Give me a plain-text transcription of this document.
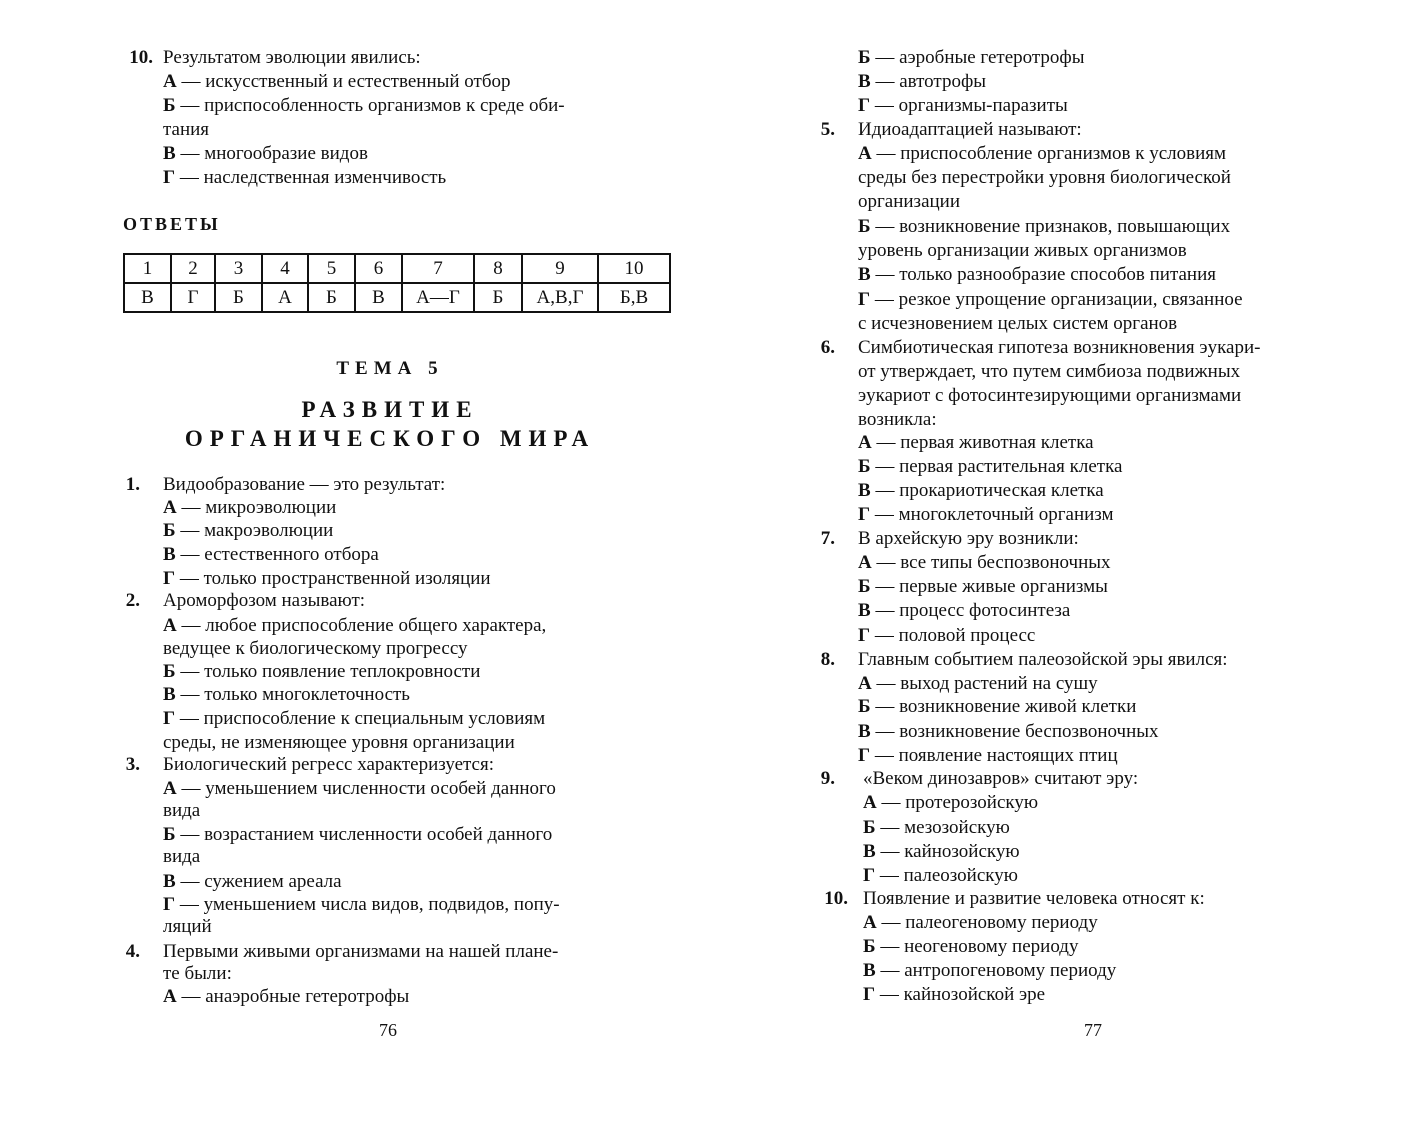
10. Результатом эволюции явились:
А — искусственный и естественный отбор
Б — приспособленность организмов к среде оби-
тания
В — многообразие видов
Г — наследственная изменчивость
ОТВЕТЫ
1	2	3	4	5	6	7	8	9	10
В	Г	Б	А	Б	В	А—Г	Б	А,В,Г	Б,В
ТЕМА 5
РАЗВИТИЕ
ОРГАНИЧЕСКОГО МИРА
1. Видообразование — это результат:
А — микроэволюции
Б — макроэволюции
В — естественного отбора
Г — только пространственной изоляции
2. Ароморфозом называют:
А — любое приспособление общего характера,
ведущее к биологическому прогрессу
Б — только появление теплокровности
В — только многоклеточность
Г — приспособление к специальным условиям
среды, не изменяющее уровня организации
3. Биологический регресс характеризуется:
А — уменьшением численности особей данного
вида
Б — возрастанием численности особей данного
вида
В — сужением ареала
Г — уменьшением числа видов, подвидов, попу-
ляций
4. Первыми живыми организмами на нашей плане-
те были:
А — анаэробные гетеротрофы
76
Б — аэробные гетеротрофы
В — автотрофы
Г — организмы-паразиты
5. Идиоадаптацией называют:
А — приспособление организмов к условиям
среды без перестройки уровня биологической
организации
Б — возникновение признаков, повышающих
уровень организации живых организмов
В — только разнообразие способов питания
Г — резкое упрощение организации, связанное
с исчезновением целых систем органов
6. Симбиотическая гипотеза возникновения эукари-
от утверждает, что путем симбиоза подвижных
эукариот с фотосинтезирующими организмами
возникла:
А — первая животная клетка
Б — первая растительная клетка
В — прокариотическая клетка
Г — многоклеточный организм
7. В архейскую эру возникли:
А — все типы беспозвоночных
Б — первые живые организмы
В — процесс фотосинтеза
Г — половой процесс
8. Главным событием палеозойской эры явился:
А — выход растений на сушу
Б — возникновение живой клетки
В — возникновение беспозвоночных
Г — появление настоящих птиц
9. «Веком динозавров» считают эру:
А — протерозойскую
Б — мезозойскую
В — кайнозойскую
Г — палеозойскую
10. Появление и развитие человека относят к:
А — палеогеновому периоду
Б — неогеновому периоду
В — антропогеновому периоду
Г — кайнозойской эре
77
